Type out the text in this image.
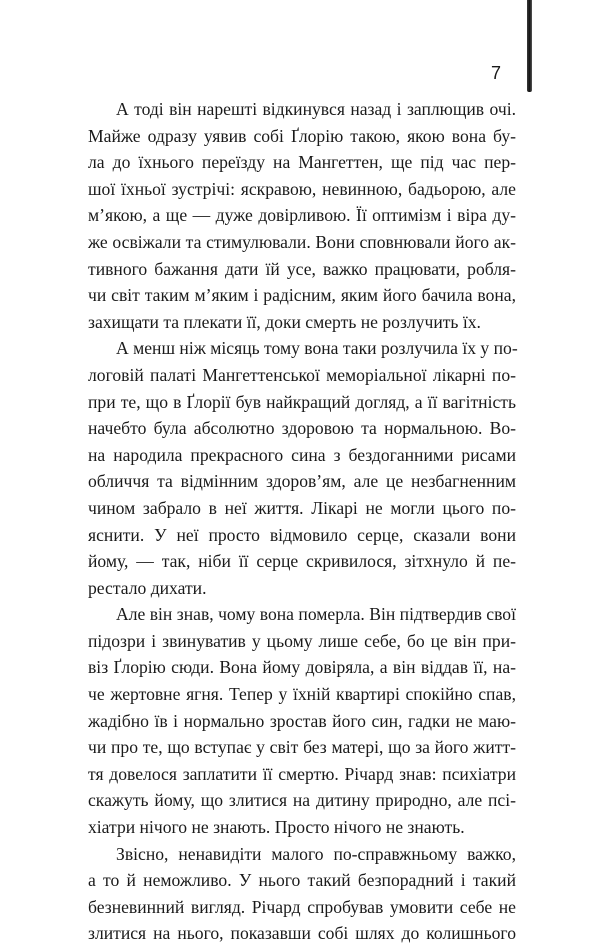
7
А тоді він нарешті відкинувся назад і заплющив очі.
Майже одразу уявив собі Ґлорію такою, якою вона бу-
ла до їхнього переїзду на Мангеттен, ще під час пер-
шої їхньої зустрічі: яскравою, невинною, бадьорою, але
м’якою, а ще — дуже довірливою. Її оптимізм і віра ду-
же освіжали та стимулювали. Вони сповнювали його ак-
тивного бажання дати їй усе, важко працювати, робля-
чи світ таким м’яким і радісним, яким його бачила вона,
захищати та плекати її, доки смерть не розлучить їх.
А менш ніж місяць тому вона таки розлучила їх у по-
логовій палаті Мангеттенської меморіальної лікарні по-
при те, що в Ґлорії був найкращий догляд, а її вагітність
начебто була абсолютно здоровою та нормальною. Во-
на народила прекрасного сина з бездоганними рисами
обличчя та відмінним здоров’ям, але це незбагненним
чином забрало в неї життя. Лікарі не могли цього по-
яснити. У неї просто відмовило серце, сказали вони
йому, — так, ніби її серце скривилося, зітхнуло й пе-
рестало дихати.
Але він знав, чому вона померла. Він підтвердив свої
підозри і звинуватив у цьому лише себе, бо це він при-
віз Ґлорію сюди. Вона йому довіряла, а він віддав її, на-
че жертовне ягня. Тепер у їхній квартирі спокійно спав,
жадібно їв і нормально зростав його син, гадки не маю-
чи про те, що вступає у світ без матері, що за його житт-
тя довелося заплатити її смертю. Річард знав: психіатри
скажуть йому, що злитися на дитину природно, але псі-
хіатри нічого не знають. Просто нічого не знають.
Звісно, ненавидіти малого по-справжньому важко,
а то й неможливо. У нього такий безпорадний і такий
безневинний вигляд. Річард спробував умовити себе не
злитися на нього, показавши собі шлях до колишнього
